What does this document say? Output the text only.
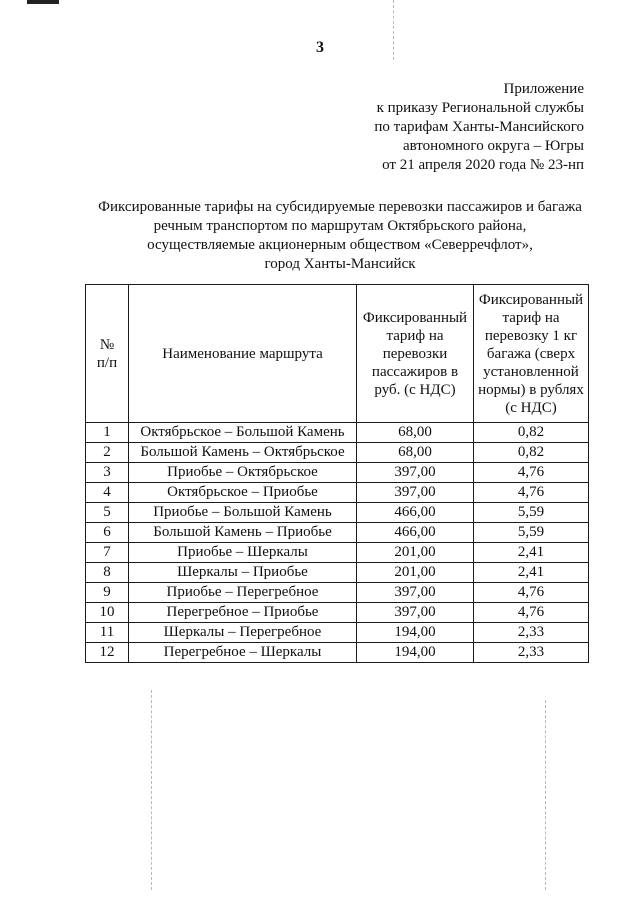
3
Приложение
к приказу Региональной службы
по тарифам Ханты-Мансийского
автономного округа – Югры
от 21 апреля 2020 года № 23-нп
Фиксированные тарифы на субсидируемые перевозки пассажиров и багажа
речным транспортом по маршрутам Октябрьского района,
осуществляемые акционерным обществом «Северречфлот»,
город Ханты-Мансийск
№
п/п	Наименование маршрута	Фиксированный тариф на перевозки пассажиров в руб. (с НДС)	Фиксированный тариф на перевозку 1 кг багажа (сверх установленной нормы) в рублях (с НДС)
1	Октябрьское – Большой Камень	68,00	0,82
2	Большой Камень – Октябрьское	68,00	0,82
3	Приобье – Октябрьское	397,00	4,76
4	Октябрьское – Приобье	397,00	4,76
5	Приобье – Большой Камень	466,00	5,59
6	Большой Камень – Приобье	466,00	5,59
7	Приобье – Шеркалы	201,00	2,41
8	Шеркалы – Приобье	201,00	2,41
9	Приобье – Перегребное	397,00	4,76
10	Перегребное – Приобье	397,00	4,76
11	Шеркалы – Перегребное	194,00	2,33
12	Перегребное – Шеркалы	194,00	2,33
